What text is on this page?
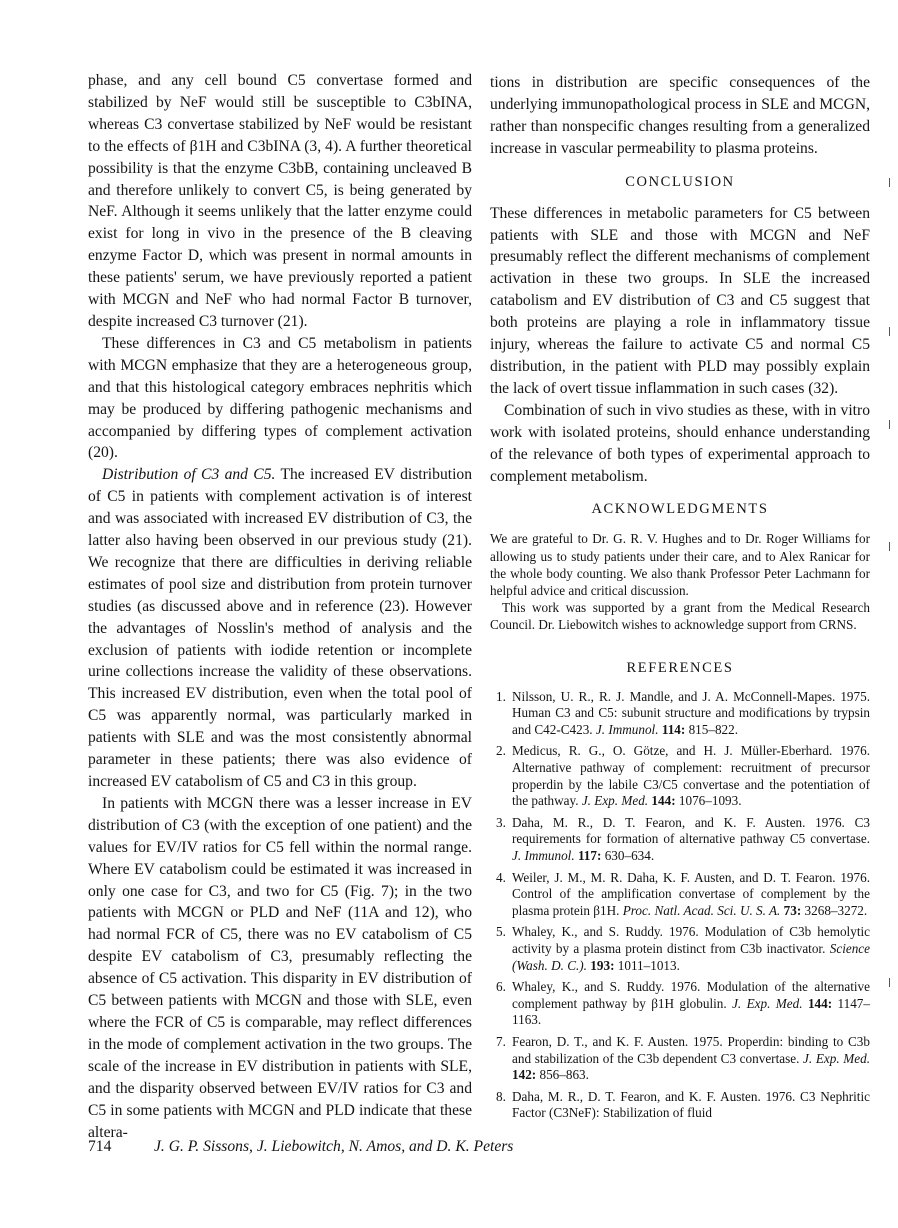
phase, and any cell bound C5 convertase formed and stabilized by NeF would still be susceptible to C3bINA, whereas C3 convertase stabilized by NeF would be resistant to the effects of β1H and C3bINA (3, 4). A further theoretical possibility is that the enzyme C3bB, containing uncleaved B and therefore unlikely to convert C5, is being generated by NeF. Although it seems unlikely that the latter enzyme could exist for long in vivo in the presence of the B cleaving enzyme Factor D, which was present in normal amounts in these patients' serum, we have previously reported a patient with MCGN and NeF who had normal Factor B turnover, despite increased C3 turnover (21).

These differences in C3 and C5 metabolism in patients with MCGN emphasize that they are a heterogeneous group, and that this histological category embraces nephritis which may be produced by differing pathogenic mechanisms and accompanied by differing types of complement activation (20).

Distribution of C3 and C5. The increased EV distribution of C5 in patients with complement activation is of interest and was associated with increased EV distribution of C3, the latter also having been observed in our previous study (21). We recognize that there are difficulties in deriving reliable estimates of pool size and distribution from protein turnover studies (as discussed above and in reference (23). However the advantages of Nosslin's method of analysis and the exclusion of patients with iodide retention or incomplete urine collections increase the validity of these observations. This increased EV distribution, even when the total pool of C5 was apparently normal, was particularly marked in patients with SLE and was the most consistently abnormal parameter in these patients; there was also evidence of increased EV catabolism of C5 and C3 in this group.

In patients with MCGN there was a lesser increase in EV distribution of C3 (with the exception of one patient) and the values for EV/IV ratios for C5 fell within the normal range. Where EV catabolism could be estimated it was increased in only one case for C3, and two for C5 (Fig. 7); in the two patients with MCGN or PLD and NeF (11A and 12), who had normal FCR of C5, there was no EV catabolism of C5 despite EV catabolism of C3, presumably reflecting the absence of C5 activation. This disparity in EV distribution of C5 between patients with MCGN and those with SLE, even where the FCR of C5 is comparable, may reflect differences in the mode of complement activation in the two groups. The scale of the increase in EV distribution in patients with SLE, and the disparity observed between EV/IV ratios for C3 and C5 in some patients with MCGN and PLD indicate that these altera-

tions in distribution are specific consequences of the underlying immunopathological process in SLE and MCGN, rather than nonspecific changes resulting from a generalized increase in vascular permeability to plasma proteins.

CONCLUSION

These differences in metabolic parameters for C5 between patients with SLE and those with MCGN and NeF presumably reflect the different mechanisms of complement activation in these two groups. In SLE the increased catabolism and EV distribution of C3 and C5 suggest that both proteins are playing a role in inflammatory tissue injury, whereas the failure to activate C5 and normal C5 distribution, in the patient with PLD may possibly explain the lack of overt tissue inflammation in such cases (32).

Combination of such in vivo studies as these, with in vitro work with isolated proteins, should enhance understanding of the relevance of both types of experimental approach to complement metabolism.

ACKNOWLEDGMENTS

We are grateful to Dr. G. R. V. Hughes and to Dr. Roger Williams for allowing us to study patients under their care, and to Alex Ranicar for the whole body counting. We also thank Professor Peter Lachmann for helpful advice and critical discussion.

This work was supported by a grant from the Medical Research Council. Dr. Liebowitch wishes to acknowledge support from CRNS.

REFERENCES
1. Nilsson, U. R., R. J. Mandle, and J. A. McConnell-Mapes. 1975. Human C3 and C5: subunit structure and modifications by trypsin and C42-C423. J. Immunol. 114: 815–822.
2. Medicus, R. G., O. Götze, and H. J. Müller-Eberhard. 1976. Alternative pathway of complement: recruitment of precursor properdin by the labile C3/C5 convertase and the potentiation of the pathway. J. Exp. Med. 144: 1076–1093.
3. Daha, M. R., D. T. Fearon, and K. F. Austen. 1976. C3 requirements for formation of alternative pathway C5 convertase. J. Immunol. 117: 630–634.
4. Weiler, J. M., M. R. Daha, K. F. Austen, and D. T. Fearon. 1976. Control of the amplification convertase of complement by the plasma protein β1H. Proc. Natl. Acad. Sci. U. S. A. 73: 3268–3272.
5. Whaley, K., and S. Ruddy. 1976. Modulation of C3b hemolytic activity by a plasma protein distinct from C3b inactivator. Science (Wash. D. C.). 193: 1011–1013.
6. Whaley, K., and S. Ruddy. 1976. Modulation of the alternative complement pathway by β1H globulin. J. Exp. Med. 144: 1147–1163.
7. Fearon, D. T., and K. F. Austen. 1975. Properdin: binding to C3b and stabilization of the C3b dependent C3 convertase. J. Exp. Med. 142: 856–863.
8. Daha, M. R., D. T. Fearon, and K. F. Austen. 1976. C3 Nephritic Factor (C3NeF): Stabilization of fluid
714	J. G. P. Sissons, J. Liebowitch, N. Amos, and D. K. Peters
